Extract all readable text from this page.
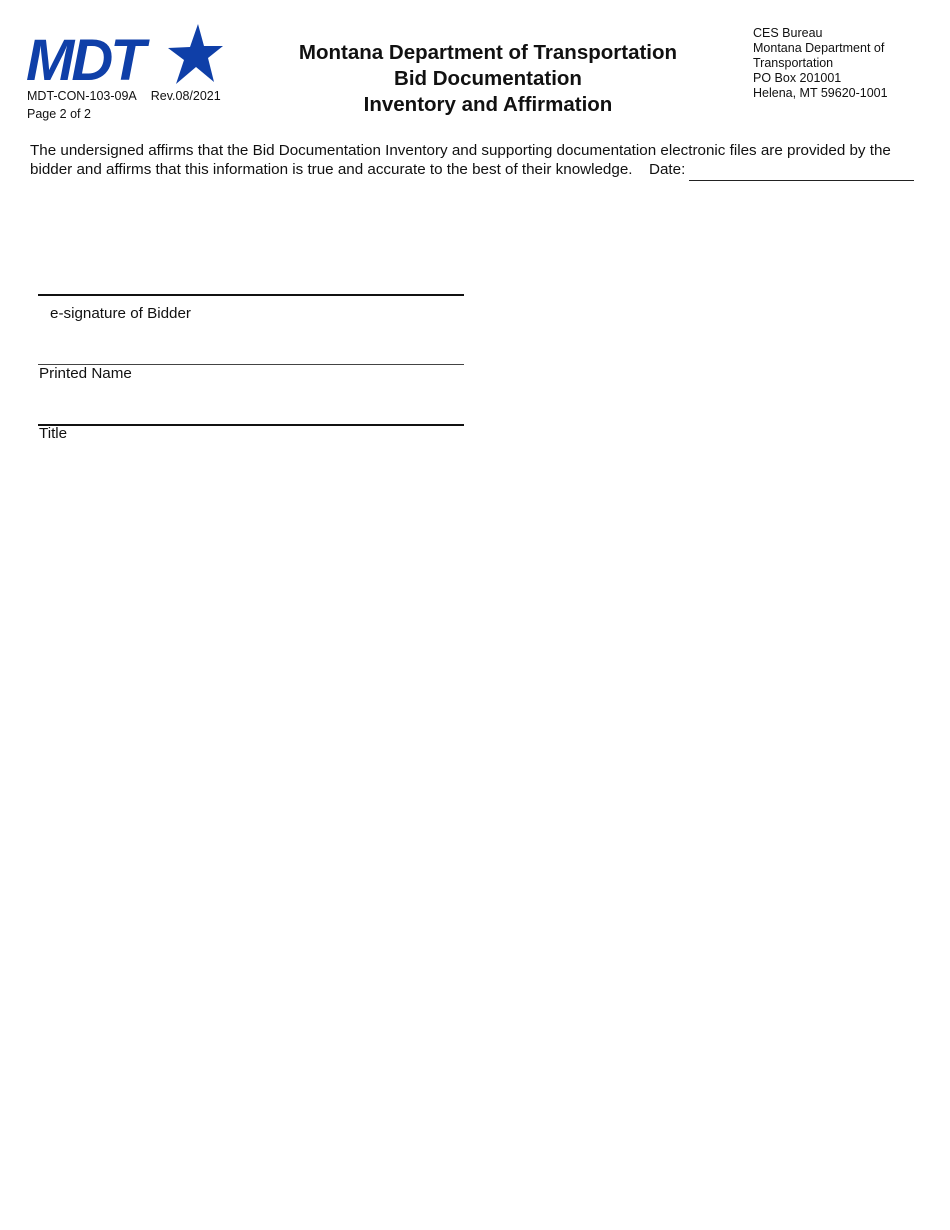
MDT
MDT-CON-103-09A Rev.08/2021
Page 2 of 2
Montana Department of Transportation
Bid Documentation
Inventory and Affirmation
CES Bureau
Montana Department of
Transportation
PO Box 201001
Helena, MT 59620-1001
The undersigned affirms that the Bid Documentation Inventory and supporting documentation electronic files are provided by the bidder and affirms that this information is true and accurate to the best of their knowledge.	Date:
e-signature of Bidder
Printed Name
Title
